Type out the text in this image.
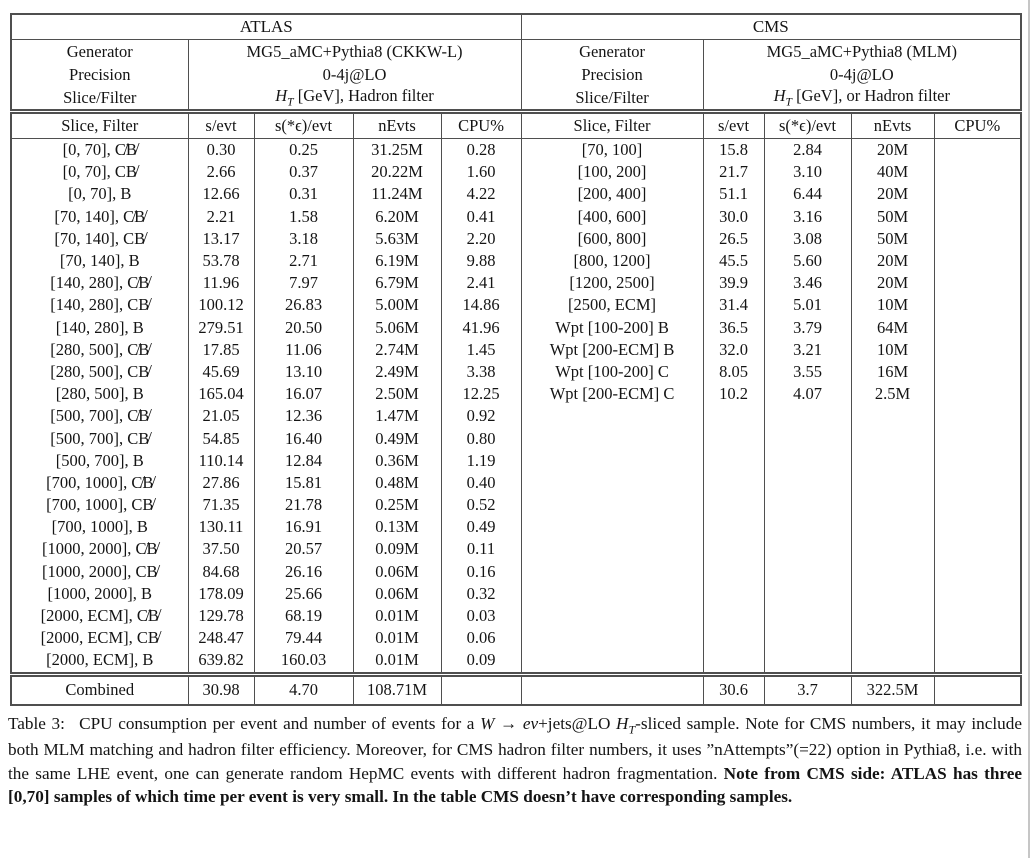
ATLAS					CMS				
Generator	MG5_aMC+Pythia8 (CKKW-L)				Generator	MG5_aMC+Pythia8 (MLM)			
Precision	0-4j@LO				Precision	0-4j@LO			
Slice/Filter	$H_T$ [GeV], Hadron filter				Slice/Filter	$H_T$ [GeV], or Hadron filter			
Slice, Filter	s/evt	s(*ϵ)/evt	nEvts	CPU%	Slice, Filter	s/evt	s(*ϵ)/evt	nEvts	CPU%
[0, 70], C̸B̸	0.30	0.25	31.25M	0.28	[70, 100]	15.8	2.84	20M	
[0, 70], CB̸	2.66	0.37	20.22M	1.60	[100, 200]	21.7	3.10	40M	
[0, 70], B	12.66	0.31	11.24M	4.22	[200, 400]	51.1	6.44	20M	
[70, 140], C̸B̸	2.21	1.58	6.20M	0.41	[400, 600]	30.0	3.16	50M	
[70, 140], CB̸	13.17	3.18	5.63M	2.20	[600, 800]	26.5	3.08	50M	
[70, 140], B	53.78	2.71	6.19M	9.88	[800, 1200]	45.5	5.60	20M	
[140, 280], C̸B̸	11.96	7.97	6.79M	2.41	[1200, 2500]	39.9	3.46	20M	
[140, 280], CB̸	100.12	26.83	5.00M	14.86	[2500, ECM]	31.4	5.01	10M	
[140, 280], B	279.51	20.50	5.06M	41.96	Wpt [100-200] B	36.5	3.79	64M	
[280, 500], C̸B̸	17.85	11.06	2.74M	1.45	Wpt [200-ECM] B	32.0	3.21	10M	
[280, 500], CB̸	45.69	13.10	2.49M	3.38	Wpt [100-200] C	8.05	3.55	16M	
[280, 500], B	165.04	16.07	2.50M	12.25	Wpt [200-ECM] C	10.2	4.07	2.5M	
[500, 700], C̸B̸	21.05	12.36	1.47M	0.92					
[500, 700], CB̸	54.85	16.40	0.49M	0.80					
[500, 700], B	110.14	12.84	0.36M	1.19					
[700, 1000], C̸B̸	27.86	15.81	0.48M	0.40					
[700, 1000], CB̸	71.35	21.78	0.25M	0.52					
[700, 1000], B	130.11	16.91	0.13M	0.49					
[1000, 2000], C̸B̸	37.50	20.57	0.09M	0.11					
[1000, 2000], CB̸	84.68	26.16	0.06M	0.16					
[1000, 2000], B	178.09	25.66	0.06M	0.32					
[2000, ECM], C̸B̸	129.78	68.19	0.01M	0.03					
[2000, ECM], CB̸	248.47	79.44	0.01M	0.06					
[2000, ECM], B	639.82	160.03	0.01M	0.09					
Combined	30.98	4.70	108.71M			30.6	3.7	322.5M	

Table 3:  CPU consumption per event and number of events for a W → eν+jets@LO $H_T$-sliced sample. Note for CMS numbers, it may include both MLM matching and hadron filter efficiency. Moreover, for CMS hadron filter numbers, it uses ”nAttempts”(=22) option in Pythia8, i.e. with the same LHE event, one can generate random HepMC events with different hadron fragmentation. Note from CMS side: ATLAS has three [0,70] samples of which time per event is very small. In the table CMS doesn’t have corresponding samples.
